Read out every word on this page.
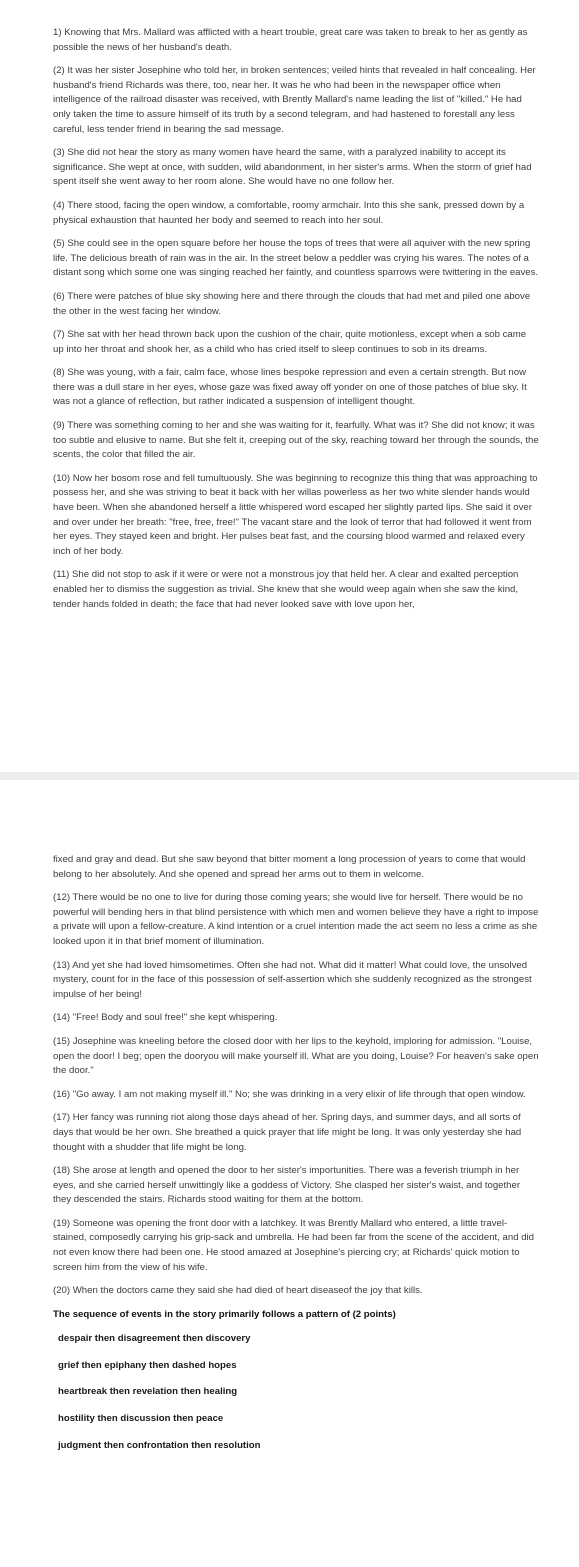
1) Knowing that Mrs. Mallard was afflicted with a heart trouble, great care was taken to break to her as gently as possible the news of her husband's death.

(2) It was her sister Josephine who told her, in broken sentences; veiled hints that revealed in half concealing. Her husband's friend Richards was there, too, near her. It was he who had been in the newspaper office when intelligence of the railroad disaster was received, with Brently Mallard's name leading the list of "killed." He had only taken the time to assure himself of its truth by a second telegram, and had hastened to forestall any less careful, less tender friend in bearing the sad message.

(3) She did not hear the story as many women have heard the same, with a paralyzed inability to accept its significance. She wept at once, with sudden, wild abandonment, in her sister's arms. When the storm of grief had spent itself she went away to her room alone. She would have no one follow her.

(4) There stood, facing the open window, a comfortable, roomy armchair. Into this she sank, pressed down by a physical exhaustion that haunted her body and seemed to reach into her soul.

(5) She could see in the open square before her house the tops of trees that were all aquiver with the new spring life. The delicious breath of rain was in the air. In the street below a peddler was crying his wares. The notes of a distant song which some one was singing reached her faintly, and countless sparrows were twittering in the eaves.

(6) There were patches of blue sky showing here and there through the clouds that had met and piled one above the other in the west facing her window.

(7) She sat with her head thrown back upon the cushion of the chair, quite motionless, except when a sob came up into her throat and shook her, as a child who has cried itself to sleep continues to sob in its dreams.

(8) She was young, with a fair, calm face, whose lines bespoke repression and even a certain strength. But now there was a dull stare in her eyes, whose gaze was fixed away off yonder on one of those patches of blue sky. It was not a glance of reflection, but rather indicated a suspension of intelligent thought.

(9) There was something coming to her and she was waiting for it, fearfully. What was it? She did not know; it was too subtle and elusive to name. But she felt it, creeping out of the sky, reaching toward her through the sounds, the scents, the color that filled the air.

(10) Now her bosom rose and fell tumultuously. She was beginning to recognize this thing that was approaching to possess her, and she was striving to beat it back with her willas powerless as her two white slender hands would have been. When she abandoned herself a little whispered word escaped her slightly parted lips. She said it over and over under her breath: "free, free, free!" The vacant stare and the look of terror that had followed it went from her eyes. They stayed keen and bright. Her pulses beat fast, and the coursing blood warmed and relaxed every inch of her body.

(11) She did not stop to ask if it were or were not a monstrous joy that held her. A clear and exalted perception enabled her to dismiss the suggestion as trivial. She knew that she would weep again when she saw the kind, tender hands folded in death; the face that had never looked save with love upon her,

fixed and gray and dead. But she saw beyond that bitter moment a long procession of years to come that would belong to her absolutely. And she opened and spread her arms out to them in welcome.

(12) There would be no one to live for during those coming years; she would live for herself. There would be no powerful will bending hers in that blind persistence with which men and women believe they have a right to impose a private will upon a fellow-creature. A kind intention or a cruel intention made the act seem no less a crime as she looked upon it in that brief moment of illumination.

(13) And yet she had loved himsometimes. Often she had not. What did it matter! What could love, the unsolved mystery, count for in the face of this possession of self-assertion which she suddenly recognized as the strongest impulse of her being!

(14) "Free! Body and soul free!" she kept whispering.

(15) Josephine was kneeling before the closed door with her lips to the keyhold, imploring for admission. "Louise, open the door! I beg; open the dooryou will make yourself ill. What are you doing, Louise? For heaven's sake open the door."

(16) "Go away. I am not making myself ill." No; she was drinking in a very elixir of life through that open window.

(17) Her fancy was running riot along those days ahead of her. Spring days, and summer days, and all sorts of days that would be her own. She breathed a quick prayer that life might be long. It was only yesterday she had thought with a shudder that life might be long.

(18) She arose at length and opened the door to her sister's importunities. There was a feverish triumph in her eyes, and she carried herself unwittingly like a goddess of Victory. She clasped her sister's waist, and together they descended the stairs. Richards stood waiting for them at the bottom.

(19) Someone was opening the front door with a latchkey. It was Brently Mallard who entered, a little travel-stained, composedly carrying his grip-sack and umbrella. He had been far from the scene of the accident, and did not even know there had been one. He stood amazed at Josephine's piercing cry; at Richards' quick motion to screen him from the view of his wife.

(20) When the doctors came they said she had died of heart diseaseof the joy that kills.

The sequence of events in the story primarily follows a pattern of (2 points)
despair then disagreement then discovery
grief then epiphany then dashed hopes
heartbreak then revelation then healing
hostility then discussion then peace
judgment then confrontation then resolution
